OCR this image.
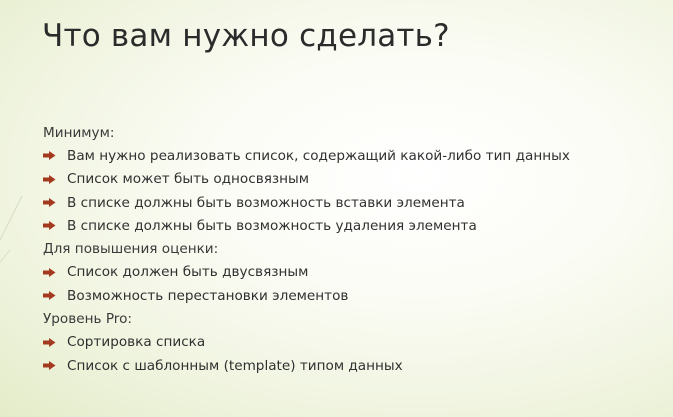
Что вам нужно сделать?
Минимум:
Вам нужно реализовать список, содержащий какой-либо тип данных
Список может быть односвязным
В списке должны быть возможность вставки элемента
В списке должны быть возможность удаления элемента
Для повышения оценки:
Список должен быть двусвязным
Возможность перестановки элементов
Уровень Pro:
Сортировка списка
Список с шаблонным (template) типом данных
